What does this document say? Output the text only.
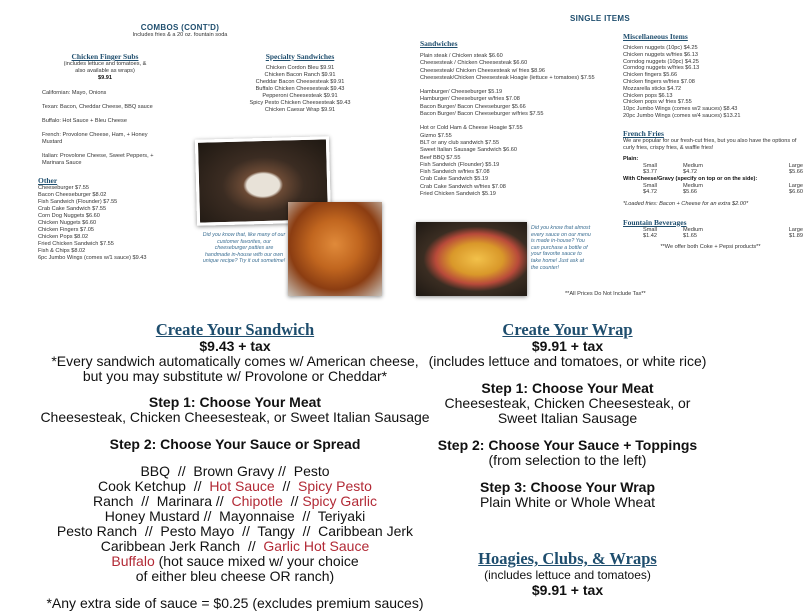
COMBOS (CONT'D)
Includes fries & a 20 oz. fountain soda
Chicken Finger Subs
(includes lettuce and tomatoes, &
also available as wraps)
$9.91
Californian: Mayo, Onions
Texan: Bacon, Cheddar Cheese, BBQ sauce
Buffalo: Hot Sauce + Bleu Cheese
French: Provolone Cheese, Ham, + Honey
Mustard
Italian: Provolone Cheese, Sweet Peppers, +
Marinara Sauce
Other
Cheeseburger $7.55
Bacon Cheeseburger $8.02
Fish Sandwich (Flounder) $7.55
Crab Cake Sandwich $7.55
Corn Dog Nuggets $6.60
Chicken Nuggets $6.60
Chicken Fingers $7.05
Chicken Pops $8.02
Fried Chicken Sandwich $7.55
Fish & Chips $8.02
6pc Jumbo Wings (comes w/1 sauce) $9.43
Specialty Sandwiches
Chicken Cordon Bleu $9.91
Chicken Bacon Ranch $9.91
Cheddar Bacon Cheesesteak $9.91
Buffalo Chicken Cheesesteak $9.43
Pepperoni Cheesesteak $9.91
Spicy Pesto Chicken Cheesesteak $9.43
Chicken Caesar Wrap $9.91
Did you know that, like many of our customer favorites, our cheeseburger patties are handmade in-house with our own unique recipe? Try it out sometime!
SINGLE ITEMS
Sandwiches
Plain steak / Chicken steak $6.60
Cheesesteak / Chicken Cheesesteak $6.60
Cheesesteak/ Chicken Cheesesteak w/ fries $8.96
Cheesesteak/Chicken Cheesesteak Hoagie (lettuce + tomatoes) $7.55
Hamburger/ Cheeseburger $5.19
Hamburger/ Cheeseburger w/fries $7.08
Bacon Burger/ Bacon Cheeseburger $5.66
Bacon Burger/ Bacon Cheeseburger w/fries $7.55
Hot or Cold Ham & Cheese Hoagie $7.55
Gizmo $7.55
BLT or any club sandwich $7.55
Sweet Italian Sausage Sandwich $6.60
Beef BBQ $7.55
Fish Sandwich (Flounder) $5.19
Fish Sandwich w/fries $7.08
Crab Cake Sandwich $5.19
Crab Cake Sandwich w/fries $7.08
Fried Chicken Sandwich $5.19
Miscellaneous Items
Chicken nuggets (10pc) $4.25
Chicken nuggets w/fries $6.13
Corndog nuggets (10pc) $4.25
Corndog nuggets w/fries $6.13
Chicken fingers $5.66
Chicken fingers w/fries $7.08
Mozzarella sticks $4.72
Chicken pops $6.13
Chicken pops w/ fries $7.55
10pc Jumbo Wings (comes w/2 sauces) $8.43
20pc Jumbo Wings (comes w/4 sauces) $13.21
French Fries
We are popular for our fresh-cut fries, but you also have the options of curly fries, crispy fries, & waffle fries!
Plain:
Small	Medium	Large
$3.77	$4.72	$5.66
With Cheese/Gravy (specify on top or on the side):
Small	Medium	Large
$4.72	$5.66	$6.60
*Loaded fries: Bacon + Cheese for an extra $2.00*
Fountain Beverages
Small	Medium	Large
$1.42	$1.65	$1.89
**We offer both Coke + Pepsi products**
Did you know that almost every sauce on our menu is made in-house? You can purchase a bottle of your favorite sauce to take home! Just ask at the counter!
**All Prices Do Not Include Tax**
Create Your Sandwich
$9.43 + tax
*Every sandwich automatically comes w/ American cheese,
but you may substitute w/ Provolone or Cheddar*
Step 1: Choose Your Meat
Cheesesteak, Chicken Cheesesteak, or Sweet Italian Sausage
Step 2: Choose Your Sauce or Spread
BBQ  //  Brown Gravy //  Pesto
Cook Ketchup  //  Hot Sauce  //  Spicy Pesto
Ranch  //  Marinara //  Chipotle  // Spicy Garlic
Honey Mustard //  Mayonnaise  //  Teriyaki
Pesto Ranch  //  Pesto Mayo  //  Tangy  //  Caribbean Jerk
Caribbean Jerk Ranch  //  Garlic Hot Sauce
Buffalo (hot sauce mixed w/ your choice
of either bleu cheese OR ranch)
*Any extra side of sauce = $0.25 (excludes premium sauces)
Create Your Wrap
$9.91 + tax
(includes lettuce and tomatoes, or white rice)
Step 1: Choose Your Meat
Cheesesteak, Chicken Cheesesteak, or
Sweet Italian Sausage
Step 2: Choose Your Sauce + Toppings
(from selection to the left)
Step 3: Choose Your Wrap
Plain White or Whole Wheat
Hoagies, Clubs, & Wraps
(includes lettuce and tomatoes)
$9.91 + tax
